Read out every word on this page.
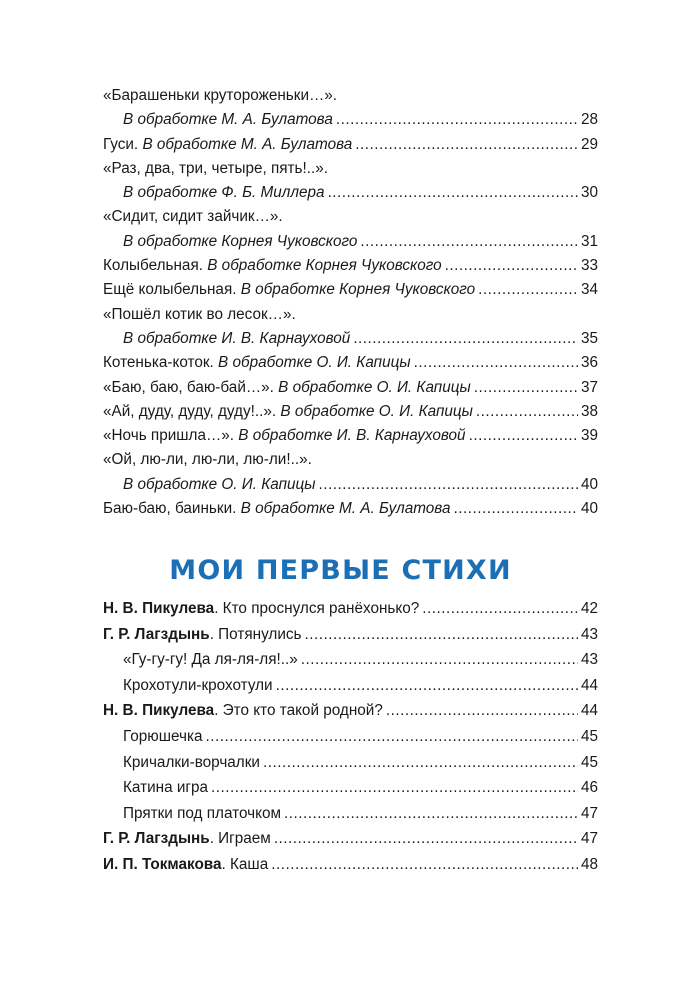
«Барашеньки крутороженьки…».
В обработке М. А. Булатова .....	28
Гуси. В обработке М. А. Булатова .....	29
«Раз, два, три, четыре, пять!..».
В обработке Ф. Б. Миллера .....	30
«Сидит, сидит зайчик…».
В обработке Корнея Чуковского .....	31
Колыбельная. В обработке Корнея Чуковского .....	33
Ещё колыбельная. В обработке Корнея Чуковского .....	34
«Пошёл котик во лесок…».
В обработке И. В. Карнауховой .....	35
Котенька-коток. В обработке О. И. Капицы .....	36
«Баю, баю, баю-бай…». В обработке О. И. Капицы .....	37
«Ай, дуду, дуду, дуду!..». В обработке О. И. Капицы .....	38
«Ночь пришла…». В обработке И. В. Карнауховой .....	39
«Ой, лю-ли, лю-ли, лю-ли!..».
В обработке О. И. Капицы .....	40
Баю-баю, баиньки. В обработке М. А. Булатова .....	40
МОИ ПЕРВЫЕ СТИХИ
Н. В. Пикулева . Кто проснулся ранёхонько? .....	42
Г. Р. Лагздынь . Потянулись .....	43
«Гу-гу-гу! Да ля-ля-ля!..» .....	43
Крохотули-крохотули .....	44
Н. В. Пикулева . Это кто такой родной? .....	44
Горюшечка .....	45
Кричалки-ворчалки .....	45
Катина игра .....	46
Прятки под платочком .....	47
Г. Р. Лагздынь . Играем .....	47
И. П. Токмакова . Каша .....	48
